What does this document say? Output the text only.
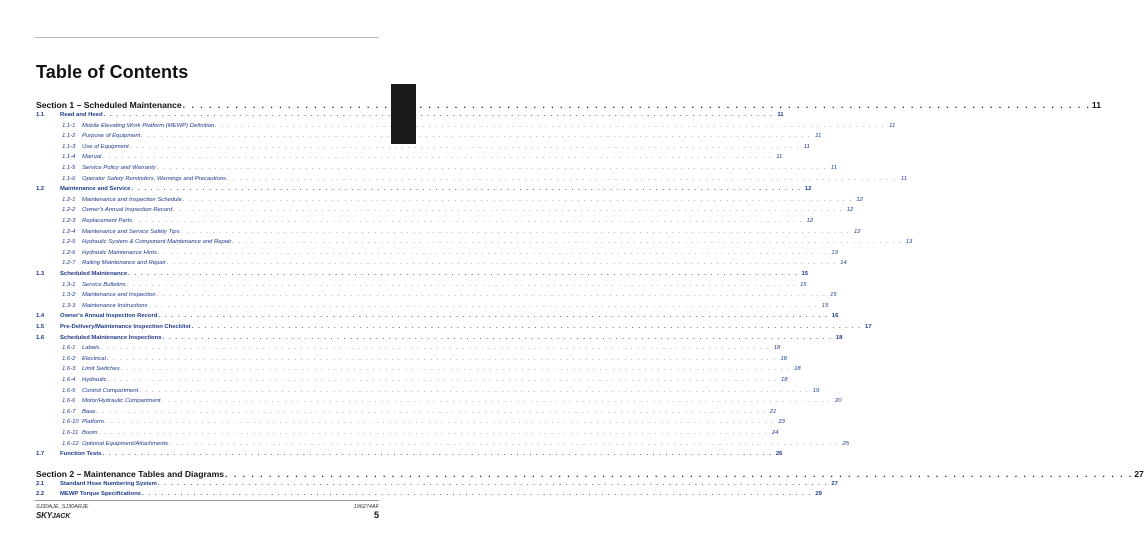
Table of Contents
Section 1 – Scheduled Maintenance . . . . . . . . . . . . . . . . . . . . . . . . . . . . . . . . . . . . . . . . . . . . . . . . . . . . . . . . . . . . . . . . . . . . . . . . . . . . . . . . . . . . . . . . . . . . . . . . . . . . . . . . 11
1.1	Read and Heed . . . . . . . . . . . . . . . . . . . . . . . . . . . . . . . . . . . . . . . . . . . . . . . . . . . . . . . . . . . . . . . . . . . . . . . . . . . . . . . . . . . . . . . . . . . . . . . . . . . . . . . . 11
1.1-1	Mobile Elevating Work Platform (MEWP) Definition . . . . . . . . . . . . . . . . . . . . . . . . . . . . . . . . . . . . . . . . . . . . . . . . . . . . . . . . . . . . . . . . . . . . . . . . . . . . . . . . . . . . . . . . . . . . . . . . . . . . . . . . 11
1.1-2	Purpose of Equipment . . . . . . . . . . . . . . . . . . . . . . . . . . . . . . . . . . . . . . . . . . . . . . . . . . . . . . . . . . . . . . . . . . . . . . . . . . . . . . . . . . . . . . . . . . . . . . . . . . . . . . . . 11
1.1-3	Use of Equipment . . . . . . . . . . . . . . . . . . . . . . . . . . . . . . . . . . . . . . . . . . . . . . . . . . . . . . . . . . . . . . . . . . . . . . . . . . . . . . . . . . . . . . . . . . . . . . . . . . . . . . . . 11
1.1-4	Manual . . . . . . . . . . . . . . . . . . . . . . . . . . . . . . . . . . . . . . . . . . . . . . . . . . . . . . . . . . . . . . . . . . . . . . . . . . . . . . . . . . . . . . . . . . . . . . . . . . . . . . . . 11
1.1-5	Service Policy and Warranty . . . . . . . . . . . . . . . . . . . . . . . . . . . . . . . . . . . . . . . . . . . . . . . . . . . . . . . . . . . . . . . . . . . . . . . . . . . . . . . . . . . . . . . . . . . . . . . . . . . . . . . . 11
1.1-6	Operator Safety Reminders, Warnings and Precautions . . . . . . . . . . . . . . . . . . . . . . . . . . . . . . . . . . . . . . . . . . . . . . . . . . . . . . . . . . . . . . . . . . . . . . . . . . . . . . . . . . . . . . . . . . . . . . . . . . . . . . . . 11
1.2	Maintenance and Service . . . . . . . . . . . . . . . . . . . . . . . . . . . . . . . . . . . . . . . . . . . . . . . . . . . . . . . . . . . . . . . . . . . . . . . . . . . . . . . . . . . . . . . . . . . . . . . . . . . . . . . . 12
1.2-1	Maintenance and Inspection Schedule . . . . . . . . . . . . . . . . . . . . . . . . . . . . . . . . . . . . . . . . . . . . . . . . . . . . . . . . . . . . . . . . . . . . . . . . . . . . . . . . . . . . . . . . . . . . . . . . . . . . . . . . 12
1.2-2	Owner's Annual Inspection Record . . . . . . . . . . . . . . . . . . . . . . . . . . . . . . . . . . . . . . . . . . . . . . . . . . . . . . . . . . . . . . . . . . . . . . . . . . . . . . . . . . . . . . . . . . . . . . . . . . . . . . . . 12
1.2-3	Replacement Parts . . . . . . . . . . . . . . . . . . . . . . . . . . . . . . . . . . . . . . . . . . . . . . . . . . . . . . . . . . . . . . . . . . . . . . . . . . . . . . . . . . . . . . . . . . . . . . . . . . . . . . . . 12
1.2-4	Maintenance and Service Safety Tips . . . . . . . . . . . . . . . . . . . . . . . . . . . . . . . . . . . . . . . . . . . . . . . . . . . . . . . . . . . . . . . . . . . . . . . . . . . . . . . . . . . . . . . . . . . . . . . . . . . . . . . . 12
1.2-5	Hydraulic System & Component Maintenance and Repair . . . . . . . . . . . . . . . . . . . . . . . . . . . . . . . . . . . . . . . . . . . . . . . . . . . . . . . . . . . . . . . . . . . . . . . . . . . . . . . . . . . . . . . . . . . . . . . . . . . . . . . . 13
1.2-6	Hydraulic Maintenance Hints . . . . . . . . . . . . . . . . . . . . . . . . . . . . . . . . . . . . . . . . . . . . . . . . . . . . . . . . . . . . . . . . . . . . . . . . . . . . . . . . . . . . . . . . . . . . . . . . . . . . . . . . 13
1.2-7	Railing Maintenance and Repair . . . . . . . . . . . . . . . . . . . . . . . . . . . . . . . . . . . . . . . . . . . . . . . . . . . . . . . . . . . . . . . . . . . . . . . . . . . . . . . . . . . . . . . . . . . . . . . . . . . . . . . . 14
1.3	Scheduled Maintenance . . . . . . . . . . . . . . . . . . . . . . . . . . . . . . . . . . . . . . . . . . . . . . . . . . . . . . . . . . . . . . . . . . . . . . . . . . . . . . . . . . . . . . . . . . . . . . . . . . . . . . . . 15
1.3-1	Service Bulletins . . . . . . . . . . . . . . . . . . . . . . . . . . . . . . . . . . . . . . . . . . . . . . . . . . . . . . . . . . . . . . . . . . . . . . . . . . . . . . . . . . . . . . . . . . . . . . . . . . . . . . . . 15
1.3-2	Maintenance and Inspection . . . . . . . . . . . . . . . . . . . . . . . . . . . . . . . . . . . . . . . . . . . . . . . . . . . . . . . . . . . . . . . . . . . . . . . . . . . . . . . . . . . . . . . . . . . . . . . . . . . . . . . . 15
1.3-3	Maintenance Instructions . . . . . . . . . . . . . . . . . . . . . . . . . . . . . . . . . . . . . . . . . . . . . . . . . . . . . . . . . . . . . . . . . . . . . . . . . . . . . . . . . . . . . . . . . . . . . . . . . . . . . . . . 15
1.4	Owner's Annual Inspection Record . . . . . . . . . . . . . . . . . . . . . . . . . . . . . . . . . . . . . . . . . . . . . . . . . . . . . . . . . . . . . . . . . . . . . . . . . . . . . . . . . . . . . . . . . . . . . . . . . . . . . . . . 16
1.5	Pre-Delivery/Maintenance Inspection Checklist . . . . . . . . . . . . . . . . . . . . . . . . . . . . . . . . . . . . . . . . . . . . . . . . . . . . . . . . . . . . . . . . . . . . . . . . . . . . . . . . . . . . . . . . . . . . . . . . . . . . . . . . 17
1.6	Scheduled Maintenance Inspections . . . . . . . . . . . . . . . . . . . . . . . . . . . . . . . . . . . . . . . . . . . . . . . . . . . . . . . . . . . . . . . . . . . . . . . . . . . . . . . . . . . . . . . . . . . . . . . . . . . . . . . . 18
1.6-1	Labels . . . . . . . . . . . . . . . . . . . . . . . . . . . . . . . . . . . . . . . . . . . . . . . . . . . . . . . . . . . . . . . . . . . . . . . . . . . . . . . . . . . . . . . . . . . . . . . . . . . . . . . . 18
1.6-2	Electrical . . . . . . . . . . . . . . . . . . . . . . . . . . . . . . . . . . . . . . . . . . . . . . . . . . . . . . . . . . . . . . . . . . . . . . . . . . . . . . . . . . . . . . . . . . . . . . . . . . . . . . . . 18
1.6-3	Limit Switches . . . . . . . . . . . . . . . . . . . . . . . . . . . . . . . . . . . . . . . . . . . . . . . . . . . . . . . . . . . . . . . . . . . . . . . . . . . . . . . . . . . . . . . . . . . . . . . . . . . . . . . . 18
1.6-4	Hydraulic . . . . . . . . . . . . . . . . . . . . . . . . . . . . . . . . . . . . . . . . . . . . . . . . . . . . . . . . . . . . . . . . . . . . . . . . . . . . . . . . . . . . . . . . . . . . . . . . . . . . . . . . 18
1.6-5	Control Compartment . . . . . . . . . . . . . . . . . . . . . . . . . . . . . . . . . . . . . . . . . . . . . . . . . . . . . . . . . . . . . . . . . . . . . . . . . . . . . . . . . . . . . . . . . . . . . . . . . . . . . . . . 19
1.6-6	Motor/Hydraulic Compartment . . . . . . . . . . . . . . . . . . . . . . . . . . . . . . . . . . . . . . . . . . . . . . . . . . . . . . . . . . . . . . . . . . . . . . . . . . . . . . . . . . . . . . . . . . . . . . . . . . . . . . . . 20
1.6-7	Base . . . . . . . . . . . . . . . . . . . . . . . . . . . . . . . . . . . . . . . . . . . . . . . . . . . . . . . . . . . . . . . . . . . . . . . . . . . . . . . . . . . . . . . . . . . . . . . . . . . . . . . . 21
1.6-10 Platform . . . . . . . . . . . . . . . . . . . . . . . . . . . . . . . . . . . . . . . . . . . . . . . . . . . . . . . . . . . . . . . . . . . . . . . . . . . . . . . . . . . . . . . . . . . . . . . . . . . . . . . . 23
1.6-11 Boom . . . . . . . . . . . . . . . . . . . . . . . . . . . . . . . . . . . . . . . . . . . . . . . . . . . . . . . . . . . . . . . . . . . . . . . . . . . . . . . . . . . . . . . . . . . . . . . . . . . . . . . . 24
1.6-12 Optional Equipment/Attachments . . . . . . . . . . . . . . . . . . . . . . . . . . . . . . . . . . . . . . . . . . . . . . . . . . . . . . . . . . . . . . . . . . . . . . . . . . . . . . . . . . . . . . . . . . . . . . . . . . . . . . . . 25
1.7	Function Tests . . . . . . . . . . . . . . . . . . . . . . . . . . . . . . . . . . . . . . . . . . . . . . . . . . . . . . . . . . . . . . . . . . . . . . . . . . . . . . . . . . . . . . . . . . . . . . . . . . . . . . . . 26
Section 2 – Maintenance Tables and Diagrams . . . . . . . . . . . . . . . . . . . . . . . . . . . . . . . . . . . . . . . . . . . . . . . . . . . . . . . . . . . . . . . . . . . . . . . . . . . . . . . . . . . . . . . . . . . . . . . . . . . . . . . . 27
2.1	Standard Hose Numbering System . . . . . . . . . . . . . . . . . . . . . . . . . . . . . . . . . . . . . . . . . . . . . . . . . . . . . . . . . . . . . . . . . . . . . . . . . . . . . . . . . . . . . . . . . . . . . . . . . . . . . . . . 27
2.2	MEWP Torque Specifications . . . . . . . . . . . . . . . . . . . . . . . . . . . . . . . . . . . . . . . . . . . . . . . . . . . . . . . . . . . . . . . . . . . . . . . . . . . . . . . . . . . . . . . . . . . . . . . . . . . . . . . . 29
SJ30AJE, SJ30ARJE	196274AF
SKYJACK	5
